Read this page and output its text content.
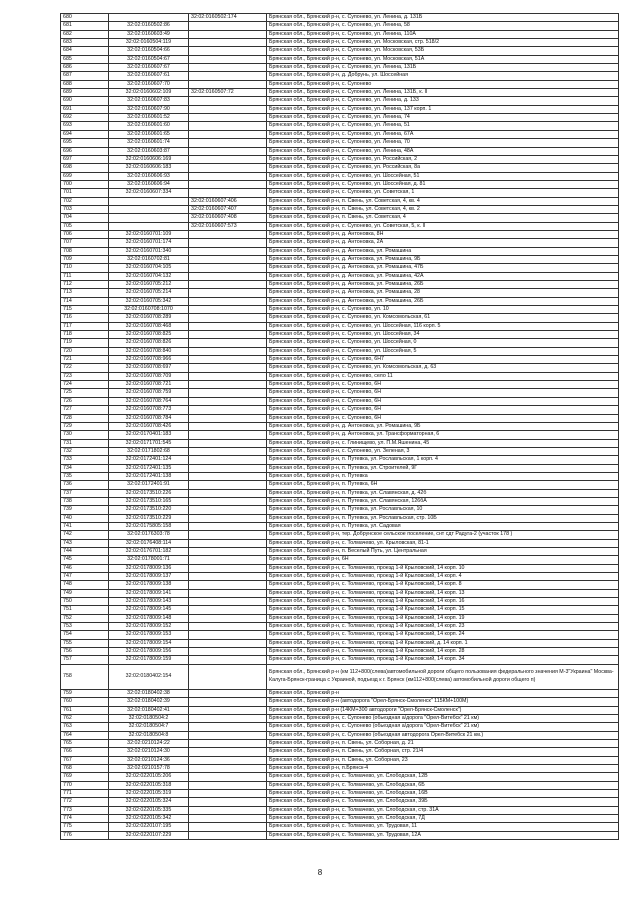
680		32:02:0160502:174	Брянская обл., Брянский р-н, с. Супонево, ул. Ленина, д. 131Б
681	32:02:0160502:86		Брянская обл., Брянский р-н, с. Супонево, ул. Ленина, 58
682	32:02:0160603:49		Брянская обл., Брянский р-н, с. Супонево, ул. Ленина, 110А
683	32:02:0160504:119		Брянская обл., Брянский р-н, с. Супонево, ул. Московская, стр. 518/2
684	32:02:0160504:66		Брянская обл., Брянский р-н, с. Супонево, ул. Московская, 53Б
685	32:02:0160504:67		Брянская обл., Брянский р-н, с. Супонево, ул. Московская, 51А
686	32:02:0160607:67		Брянская обл., Брянский р-н, с. Супонево, ул. Ленина, 131Б
687	32:02:0160607:61		Брянская обл., Брянский р-н, д. Добрунь, ул. Шоссейная
688	32:02:0160607:70		Брянская обл., Брянский р-н, с. Супонево
689	32:02:0160602:109	32:02:0160507:72	Брянская обл., Брянский р-н, с. Супонево, ул. Ленина, 131Б, к. II
690	32:02:0160607:83		Брянская обл., Брянский р-н, с. Супонево, ул. Ленина, д. 133
691	32:02:0160607:90		Брянская обл., Брянский р-н, с. Супонево, ул. Ленина, 137 корп. 1
692	32:02:0160601:52		Брянская обл., Брянский р-н, с. Супонево, ул. Ленина, 74
693	32:02:0160601:60		Брянская обл., Брянский р-н, с. Супонево, ул. Ленина, 51
694	32:02:0160601:65		Брянская обл., Брянский р-н, с. Супонево, ул. Ленина, 67А
695	32:02:0160601:74		Брянская обл., Брянский р-н, с. Супонево, ул. Ленина, 70
696	32:02:0160603:87		Брянская обл., Брянский р-н, с. Супонево, ул. Ленина, 48А
697	32:02:0160606:169		Брянская обл., Брянский р-н, с. Супонево, ул. Российская, 2
698	32:02:0160606:183		Брянская обл., Брянский р-н, с. Супонево, ул. Российская, 8а
699	32:02:0160606:93		Брянская обл., Брянский р-н, с. Супонево, ул. Шоссейная, 51
700	32:02:0160606:94		Брянская обл., Брянский р-н, с. Супонево, ул. Шоссейная, д. 81
701	32:02:0160607:334		Брянская обл., Брянский р-н, с. Супонево, ул. Советская, 1
702		32:02:0160607:406	Брянская обл., Брянский р-н, п. Свень, ул. Советская, 4, кв. 4
703		32:02:0160607:407	Брянская обл., Брянский р-н, п. Свень, ул. Советская, 4, кв. 2
704		32:02:0160607:408	Брянская обл., Брянский р-н, п. Свень, ул. Советская, 4
705		32:02:0160607:573	Брянская обл., Брянский р-н, с. Супонево, ул. Советская, 5, к. II
706	32:02:0160701:109		Брянская обл., Брянский р-н, д. Антоновка, 8Н
707	32:02:0160701:174		Брянская обл., Брянский р-н, д. Антоновка, 2А
708	32:02:0160701:340		Брянская обл., Брянский р-н, д. Антоновка, ул. Ромашина
709	32:02:0160702:81		Брянская обл., Брянский р-н, д. Антоновка, ул. Ромашина, 9Б
710	32:02:0160704:105		Брянская обл., Брянский р-н, д. Антоновка, ул. Ромашина, 47Б
711	32:02:0160704:132		Брянская обл., Брянский р-н, д. Антоновка, ул. Ромашина, 42А
712	32:02:0160705:212		Брянская обл., Брянский р-н, д. Антоновка, ул. Ромашина, 26Б
713	32:02:0160705:214		Брянская обл., Брянский р-н, д. Антоновка, ул. Ромашина, 28
714	32:02:0160705:342		Брянская обл., Брянский р-н, д. Антоновка, ул. Ромашина, 26Б
715	32:02:0160708:1070		Брянская обл., Брянский р-н, с. Супонево, ул. 10
716	32:02:0160708:289		Брянская обл., Брянский р-н, с. Супонево, ул. Комсомольская, 61
717	32:02:0160708:468		Брянская обл., Брянский р-н, с. Супонево, ул. Шоссейная, 116 корп. 5
718	32:02:0160708:825		Брянская обл., Брянский р-н, с. Супонево, ул. Шоссейная, 34
719	32:02:0160708:826		Брянская обл., Брянский р-н, с. Супонево, ул. Шоссейная, 0
720	32:02:0160708:840		Брянская обл., Брянский р-н, с. Супонево, ул. Шоссейная, 5
721	32:02:0160708:966		Брянская обл., Брянский р-н, с. Супонево, 6Н7
722	32:02:0160708:697		Брянская обл., Брянский р-н, с. Супонево, ул. Комсомольская, д. 63
723	32:02:0160708:709		Брянская обл., Брянский р-н, с. Супонево, село 11
724	32:02:0160708:721		Брянская обл., Брянский р-н, с. Супонево, 6Н
725	32:02:0160708:759		Брянская обл., Брянский р-н, с. Супонево, 6Н
726	32:02:0160708:764		Брянская обл., Брянский р-н, с. Супонево, 6Н
727	32:02:0160708:773		Брянская обл., Брянский р-н, с. Супонево, 6Н
728	32:02:0160708:784		Брянская обл., Брянский р-н, с. Супонево, 6Н
729	32:02:0160708:426		Брянская обл., Брянский р-н, д. Антоновка, ул. Ромашина, 9Б
730	32:02:0170401:183		Брянская обл., Брянский р-н, д. Антоновка, ул. Трансформаторная, 6
731	32:02:0171701:545		Брянская обл., Брянский р-н, с. Глинищево, ул. П.М.Яшенина, 45
732	32:02:0171802:68		Брянская обл., Брянский р-н, с. Супонево, ул. Зеленая, 3
733	32:02:0172401:124		Брянская обл., Брянский р-н, п. Путевка, ул. Рославльская, 1 корп. 4
734	32:02:0172401:135		Брянская обл., Брянский р-н, п. Путевка, ул. Строителей, 9Г
735	32:02:0172401:138		Брянская обл., Брянский р-н, п. Путевка
736	32:02:0172401:91		Брянская обл., Брянский р-н, п. Путевка, 6Н
737	32:02:0173510:226		Брянская обл., Брянский р-н, п. Путевка, ул. Славянская, д. 42б
738	32:02:0173510:165		Брянская обл., Брянский р-н, п. Путевка, ул. Славянская, 126бА
739	32:02:0173510:220		Брянская обл., Брянский р-н, п. Путевка, ул. Рославльская, 10
740	32:02:0173510:229		Брянская обл., Брянский р-н, п. Путевка, ул. Рославльская, стр. 10Б
741	32:02:0175805:158		Брянская обл., Брянский р-н, п. Путевка, ул. Садовая
742	32:02:0176303:78		Брянская обл., Брянский р-н, тер. Добрунское сельское поселение, снт сдт Радуга-2 (участок 178 )
743	32:02:0176408:114		Брянская обл., Брянский р-н, с. Толмачево, ул. Крыловская, 81-1
744	32:02:0176701:182		Брянская обл., Брянский р-н, п. Веселый Путь, ул. Центральная
745	32:02:0178001:71		Брянская обл., Брянский р-н, 6Н
746	32:02:0178009:136		Брянская обл., Брянский р-н, с. Толмачево, проезд 1-й Крыловский, 14 корп. 10
747	32:02:0178009:137		Брянская обл., Брянский р-н, с. Толмачево, проезд 1-й Крыловский, 14 корп. 4
748	32:02:0178009:138		Брянская обл., Брянский р-н, с. Толмачево, проезд 1-й Крыловский, 14 корп. 8
749	32:02:0178009:141		Брянская обл., Брянский р-н, с. Толмачево, проезд 1-й Крыловский, 14 корп. 13
750	32:02:0178009:143		Брянская обл., Брянский р-н, с. Толмачево, проезд 1-й Крыловский, 14 корп. 16
751	32:02:0178009:145		Брянская обл., Брянский р-н, с. Толмачево, проезд 1-й Крыловский, 14 корп. 15
752	32:02:0178009:148		Брянская обл., Брянский р-н, с. Толмачево, проезд 1-й Крыловский, 14 корп. 19
753	32:02:0178009:152		Брянская обл., Брянский р-н, с. Толмачево, проезд 1-й Крыловский, 14 корп. 23
754	32:02:0178009:153		Брянская обл., Брянский р-н, с. Толмачево, проезд 1-й Крыловский, 14 корп. 24
755	32:02:0178009:154		Брянская обл., Брянский р-н, с. Толмачево, проезд 1-й Крыловский, д. 14 корп. 1
756	32:02:0178009:156		Брянская обл., Брянский р-н, с. Толмачево, проезд 1-й Крыловский, 14 корп. 28
757	32:02:0178009:159		Брянская обл., Брянский р-н, с. Толмачево, проезд 1-й Крыловский, 14 корп. 34
758	32:02:0180402:154		Брянская обл., Брянский р-н (км 112+800(слева)автомобильной дороги общего пользования федерального значения М-3"Украина" Москва-Калуга-Брянск-граница с Украиной, подъезд к г. Брянск (км112+800(слева) автомобильной дороги общего п)
759	32:02:0180402:38		Брянская обл., Брянский р-н
760	32:02:0180402:39		Брянская обл., Брянский р-н (автодорога "Орел-Брянск-Смоленск" 115КМ+100М)
761	32:02:0180402:41		Брянская обл., Брянский р-н (14КМ+300 автодороги "Орел-Брянск-Смоленск")
762	32:02:0180504:2		Брянская обл., Брянский р-н, с. Супонево (обьездная а/дорога "Орел-Витебск" 21 км)
763	32:02:0180504:7		Брянская обл., Брянский р-н, с. Супонево (обьездная а/дорога "Орел-Витебск" 21 км)
764	32:02:0180504:8		Брянская обл., Брянский р-н, с. Супонево (обьездная автодорога Орел-Витебск 21 км.)
765	32:02:0210124:22		Брянская обл., Брянский р-н, п. Свень, ул. Соборная, д. 21
766	32:02:0210124:30		Брянская обл., Брянский р-н, п. Свень, ул. Соборная, стр. 21/4
767	32:02:0210124:36		Брянская обл., Брянский р-н, п. Свень, ул. Соборная, 23
768	32:02:0210157:78		Брянская обл., Брянский р-н, п.Брянск-4
769	32:02:0220105:206		Брянская обл., Брянский р-н, с. Толмачево, ул. Слободская, 12В
770	32:02:0220105:318		Брянская обл., Брянский р-н, с. Толмачево, ул. Слободская, 6Б
771	32:02:0220105:319		Брянская обл., Брянский р-н, с. Толмачево, ул. Слободская, 16В
772	32:02:0220105:324		Брянская обл., Брянский р-н, с. Толмачево, ул. Слободская, 39Б
773	32:02:0220105:335		Брянская обл., Брянский р-н, с. Толмачево, ул. Слободская, стр. 31А
774	32:02:0220105:342		Брянская обл., Брянский р-н, с. Толмачево, ул. Слободская, 7Д
775	32:02:0220107:195		Брянская обл., Брянский р-н, с. Толмачево, ул. Трудовая, 11
776	32:02:0220107:229		Брянская обл., Брянский р-н, с. Толмачево, ул. Трудовая, 12А
8
